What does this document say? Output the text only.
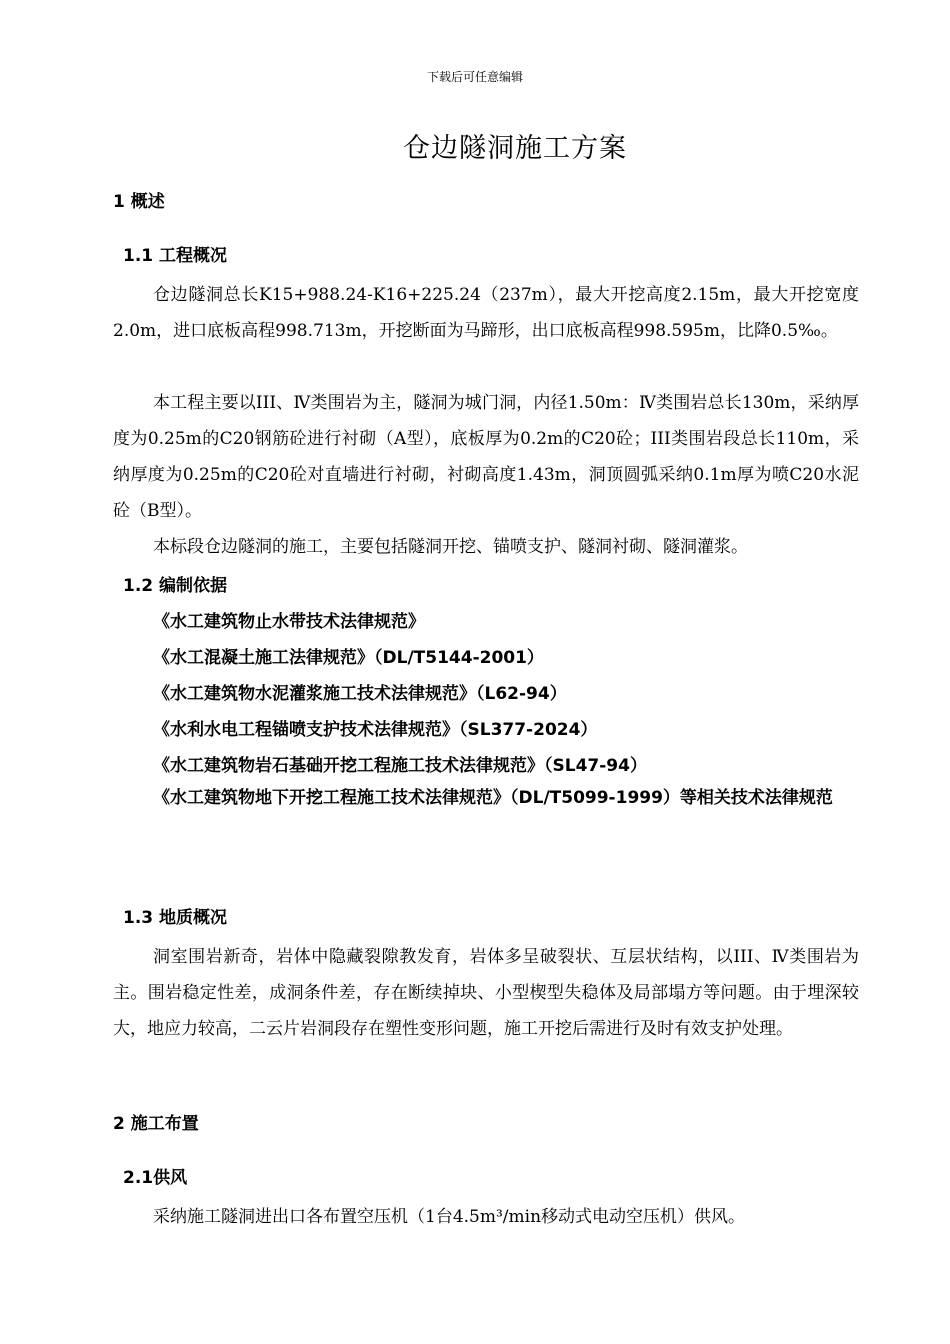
下载后可任意编辑
仓边隧洞施工方案
1 概述
1.1 工程概况
仓边隧洞总长K15+988.24-K16+225.24（237m），最大开挖高度2.15m，最大开挖宽度2.0m，进口底板高程998.713m，开挖断面为马蹄形，出口底板高程998.595m，比降0.5‰。
本工程主要以III、Ⅳ类围岩为主，隧洞为城门洞，内径1.50m：Ⅳ类围岩总长130m，采纳厚度为0.25m的C20钢筋砼进行衬砌（A型），底板厚为0.2m的C20砼；III类围岩段总长110m，采纳厚度为0.25m的C20砼对直墙进行衬砌，衬砌高度1.43m，洞顶圆弧采纳0.1m厚为喷C20水泥砼（B型）。
本标段仓边隧洞的施工，主要包括隧洞开挖、锚喷支护、隧洞衬砌、隧洞灌浆。
1.2 编制依据
《水工建筑物止水带技术法律规范》
《水工混凝土施工法律规范》（DL/T5144-2001）
《水工建筑物水泥灌浆施工技术法律规范》（L62-94）
《水利水电工程锚喷支护技术法律规范》（SL377-2024）
《水工建筑物岩石基础开挖工程施工技术法律规范》（SL47-94）
《水工建筑物地下开挖工程施工技术法律规范》（DL/T5099-1999）等相关技术法律规范
1.3 地质概况
洞室围岩新奇，岩体中隐藏裂隙教发育，岩体多呈破裂状、互层状结构，以III、Ⅳ类围岩为主。围岩稳定性差，成洞条件差，存在断续掉块、小型楔型失稳体及局部塌方等问题。由于埋深较大，地应力较高，二云片岩洞段存在塑性变形问题，施工开挖后需进行及时有效支护处理。
2 施工布置
2.1供风
采纳施工隧洞进出口各布置空压机（1台4.5m³/min移动式电动空压机）供风。
